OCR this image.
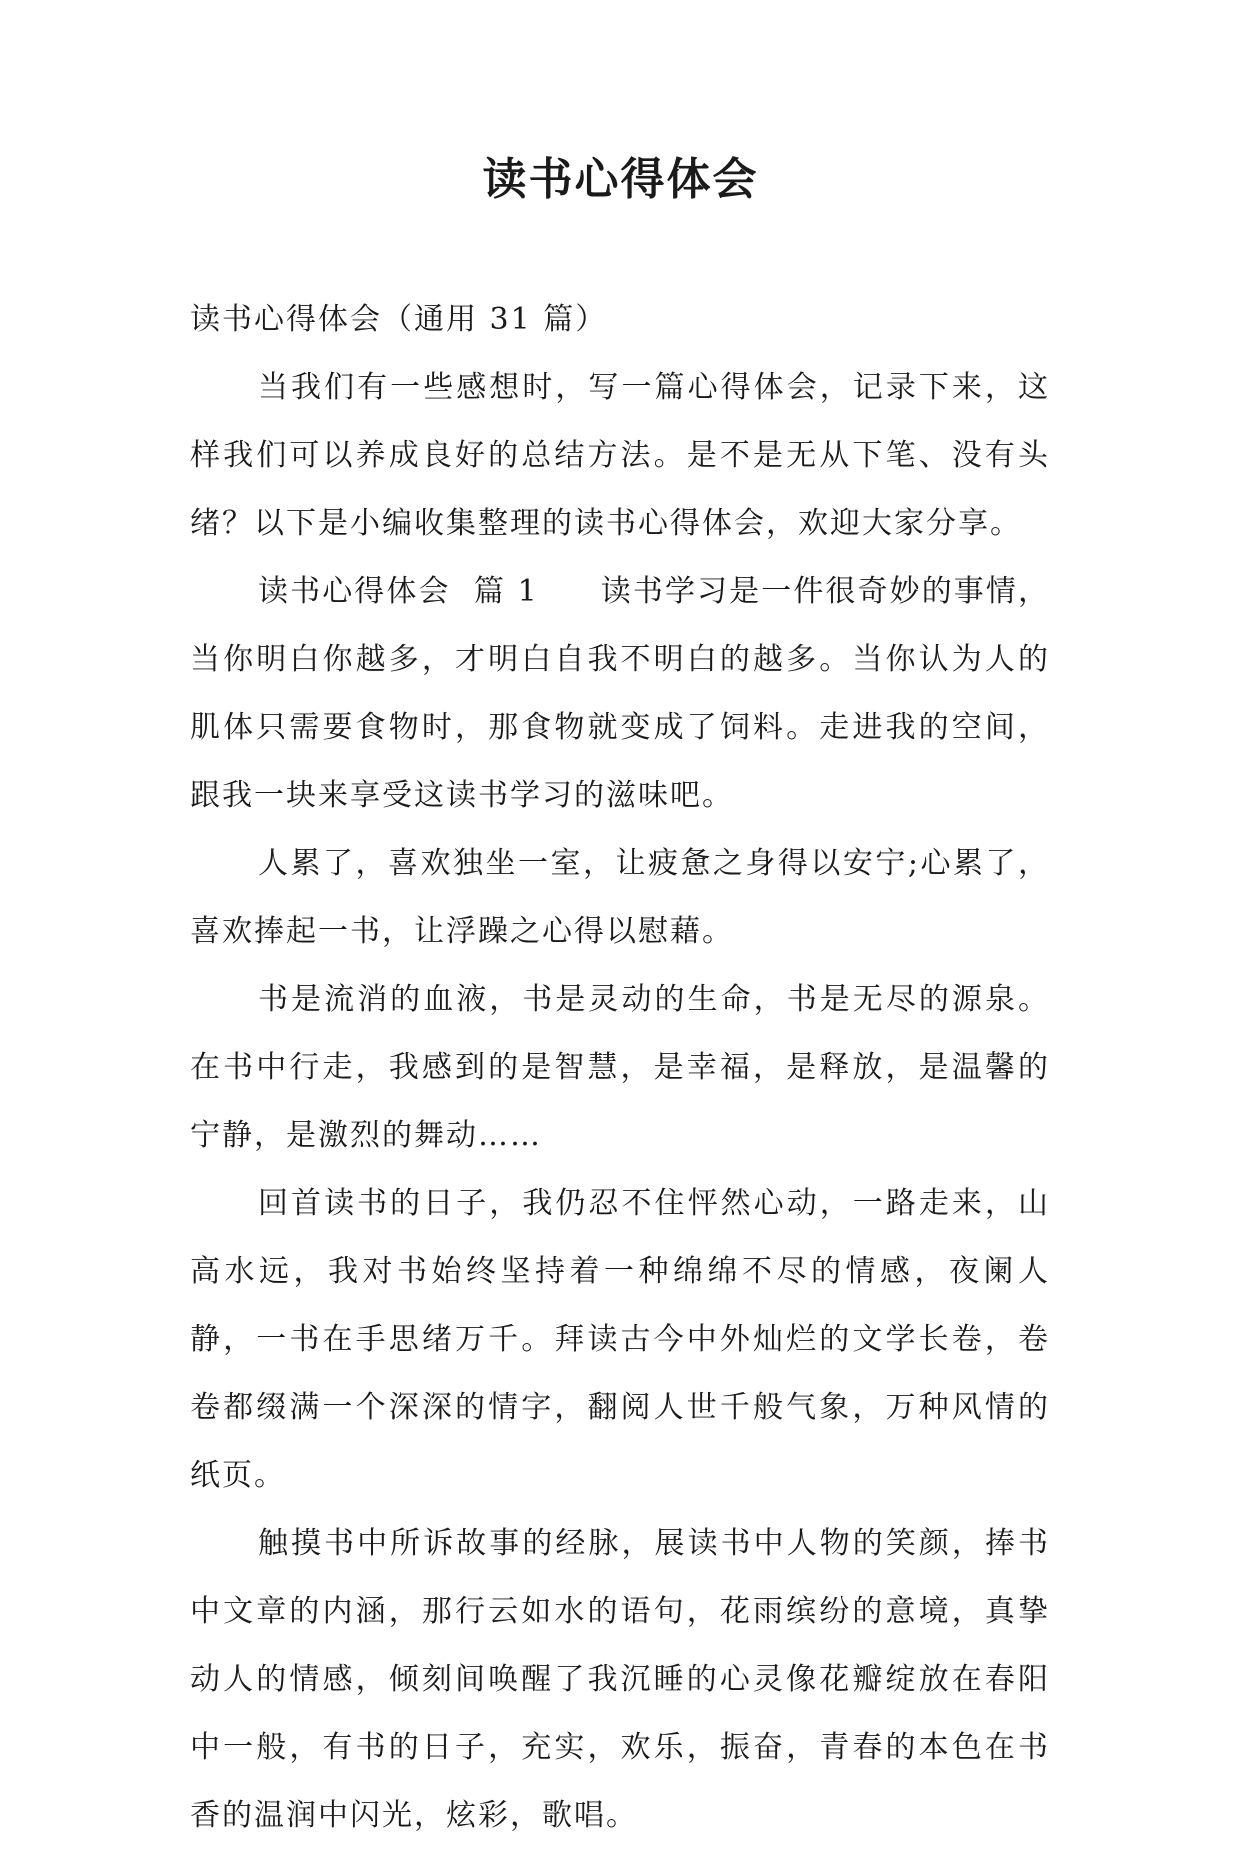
读书心得体会

读书心得体会（通用 31 篇）

当我们有一些感想时，写一篇心得体会，记录下来，这样我们可以养成良好的总结方法。是不是无从下笔、没有头绪？以下是小编收集整理的读书心得体会，欢迎大家分享。

读书心得体会  篇 1 读书学习是一件很奇妙的事情，当你明白你越多，才明白自我不明白的越多。当你认为人的肌体只需要食物时，那食物就变成了饲料。走进我的空间，跟我一块来享受这读书学习的滋味吧。

人累了，喜欢独坐一室，让疲惫之身得以安宁;心累了，喜欢捧起一书，让浮躁之心得以慰藉。

书是流消的血液，书是灵动的生命，书是无尽的源泉。在书中行走，我感到的是智慧，是幸福，是释放，是温馨的宁静，是激烈的舞动……

回首读书的日子，我仍忍不住怦然心动，一路走来，山高水远，我对书始终坚持着一种绵绵不尽的情感，夜阑人静，一书在手思绪万千。拜读古今中外灿烂的文学长卷，卷卷都缀满一个深深的情字，翻阅人世千般气象，万种风情的纸页。

触摸书中所诉故事的经脉，展读书中人物的笑颜，捧书中文章的内涵，那行云如水的语句，花雨缤纷的意境，真挚动人的情感，倾刻间唤醒了我沉睡的心灵像花瓣绽放在春阳中一般，有书的日子，充实，欢乐，振奋，青春的本色在书香的温润中闪光，炫彩，歌唱。
